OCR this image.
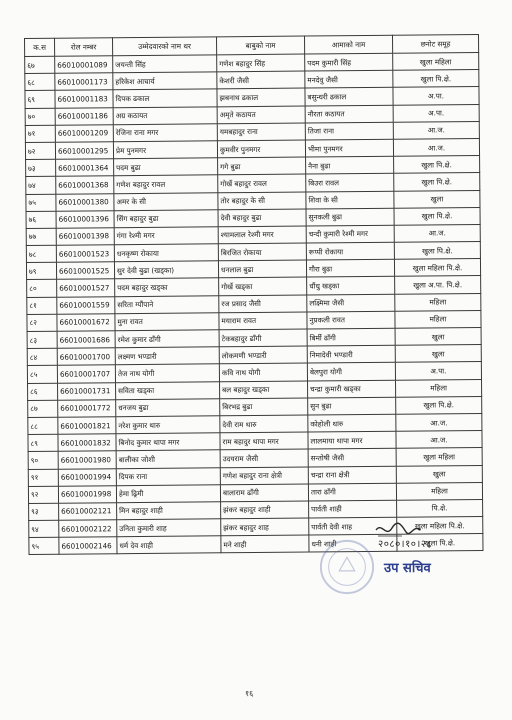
क.स	रोल नम्बर	उम्मेदवारको नाम थर	बाबुको नाम	आमाको नाम	छनोट समूह
६७	66010001089	जयन्ती सिंह	गणेश बहादुर सिंह	पदम कुमारी सिंह	खुला महिला
६८	66010001173	हरिकेश आचार्य	केशरी जैसी	मनदेवु जैसी	खुला पि.क्षे.
६९	66010001183	दिपक ढकाल	झबनाथ ढकाल	बसुन्धरी ढकाल	अ.पा.
७०	66010001186	अग्र कठायत	अमृते कठायत	नौरता कठायत	अ.पा.
७१	66010001209	रेजिना राना मगर	यमबहादुर राना	तिजा राना	आ.ज.
७२	66010001295	प्रेम पुनमगर	कुमवीर पुनमगर	भीमा पुनमगर	आ.ज.
७३	66010001364	पदम बुढा	गगे बुढा	नैना बुढा	खुला पि.क्षे.
७४	66010001368	गणेश बहादुर रावल	गोर्खे बहादुर रावल	बिउरा रावल	खुला पि.क्षे.
७५	66010001380	अमर के सी	तोर बहादुर के सी	शिवा के सी	खुला
७६	66010001396	सिंग बहादुर बुढा	देवी बहादुर बुढा	सुनकली बुढा	खुला पि.क्षे.
७७	66010001398	गंगा रेश्मी मगर	श्यामलाल रेश्मी मगर	चन्दी कुमारी रेश्मी मगर	आ.ज.
७८	66010001523	धनकृष्ण रोकाया	बिरजित रोकाया	रूप्पी रोकाया	खुला पि.क्षे.
७९	66010001525	सुर देवी बुढा (खड्का)	धनलाल बुढा	गौरा बुढा	खुला महिला पि.क्षे.
८०	66010001527	पदम बहादुर खड्का	गोर्खे खड्का	धौंधु खड्का	खुला अ.पा. पि.क्षे.
८१	66010001559	सरिता ग्यौंपाने	रज प्रसाद जैसी	लक्ष्मिमा जैसी	महिला
८२	66010001672	मुना रावत	मयाराम रावत	नुप्रकली रावत	महिला
८३	66010001686	रमेश कुमार ढाँगी	टेकबहादुर ढाँगी	बिर्मी ढाँगी	खुला
८४	66010001700	लक्ष्मण भण्डारी	लोकमणी भण्डारी	निमादेवी भण्डारी	खुला
८५	66010001707	तेज नाथ योगी	कवि नाथ योगी	बेलपुरा योगी	अ.पा.
८६	66010001731	सविता खड्का	बल बहादुर खड्का	चन्द्रा कुमारी खड्का	महिला
८७	66010001772	धनजय बुढा	बिरभद्र बुढा	सुन बुढा	खुला पि.क्षे.
८८	66010001821	नरेश कुमार थारु	देवी राम थारु	कोहोली थारु	आ.ज.
८९	66010001832	बिनोद कुमार थापा मगर	राम बहादुर थापा मगर	लालमाया थापा मगर	आ.ज.
९०	66010001980	बालीका जोशी	उदयराम जैसी	सन्तोषी जैसी	खुला महिला
९१	66010001994	दिपक राना	गणेश बहादुर राना क्षेत्री	चन्द्रा राना क्षेत्री	खुला
९२	66010001998	हेमा ढ्रिमी	बालाराम ढाँगी	तारा ढाँगी	महिला
९३	66010002121	मिन बहादुर शाही	झंकर बहादुर शाही	पार्वती शाही	पि.क्षे.
९४	66010002122	उनिता कुमारी शाह	झंकर बहादुर शाह	पार्वती देवी शाह	खुला महिला पि.क्षे.
९५	66010002146	धर्म देव शाही	मने शाही	धनी शाही	खुला पि.क्षे.
२०८०।१०।२८
उप सचिव
१६
